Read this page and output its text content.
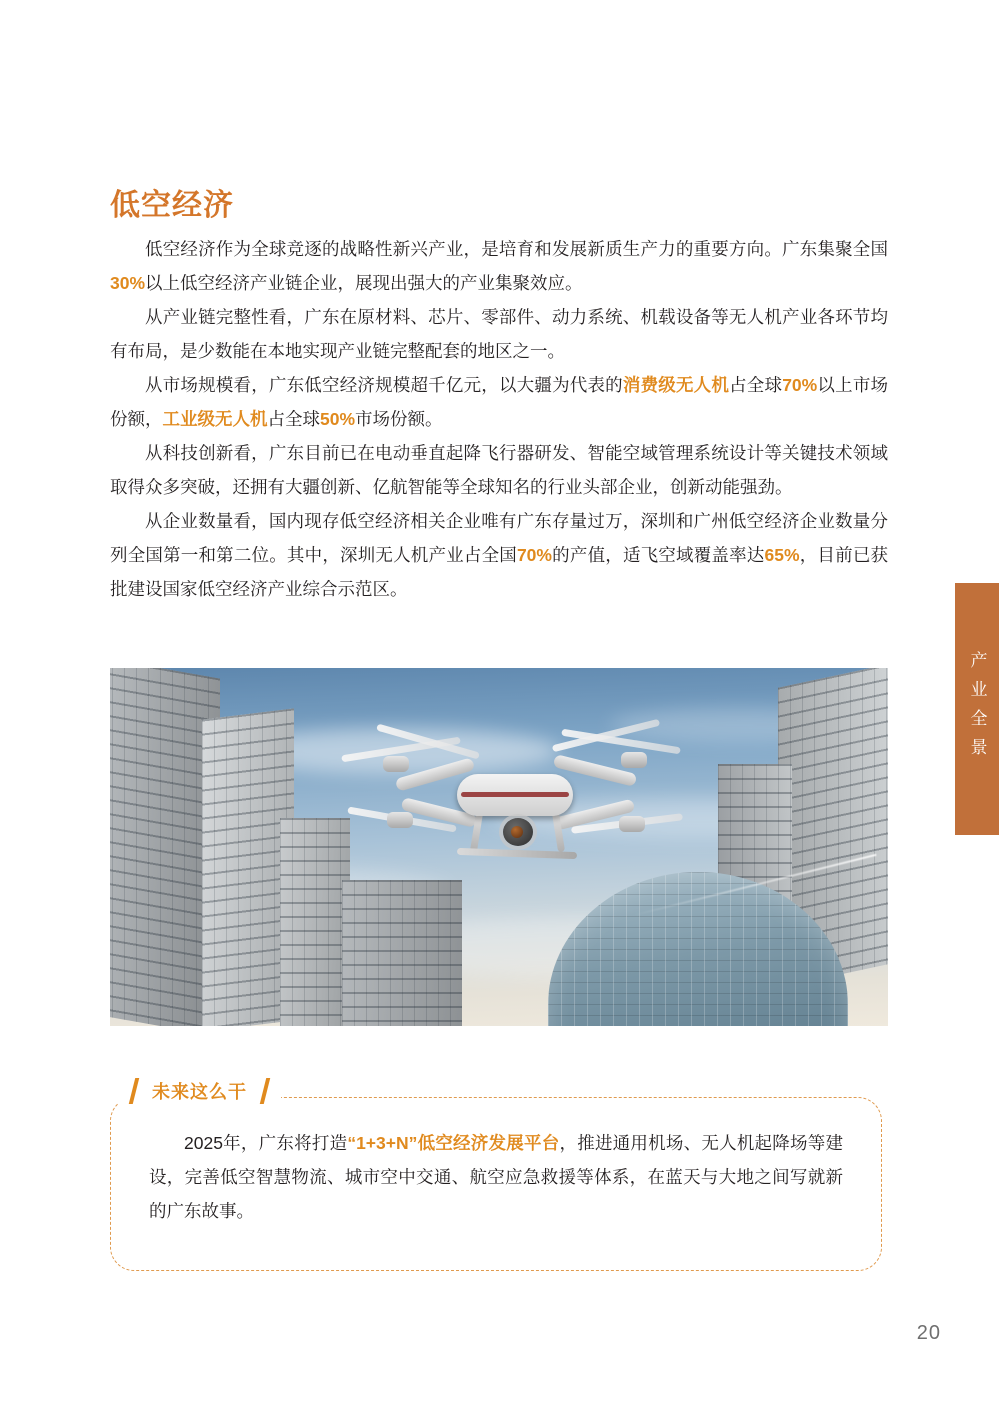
产业全景
低空经济

低空经济作为全球竞逐的战略性新兴产业，是培育和发展新质生产力的重要方向。广东集聚全国30%以上低空经济产业链企业，展现出强大的产业集聚效应。

从产业链完整性看，广东在原材料、芯片、零部件、动力系统、机载设备等无人机产业各环节均有布局，是少数能在本地实现产业链完整配套的地区之一。

从市场规模看，广东低空经济规模超千亿元，以大疆为代表的消费级无人机占全球70%以上市场份额，工业级无人机占全球50%市场份额。

从科技创新看，广东目前已在电动垂直起降飞行器研发、智能空域管理系统设计等关键技术领域取得众多突破，还拥有大疆创新、亿航智能等全球知名的行业头部企业，创新动能强劲。

从企业数量看，国内现存低空经济相关企业唯有广东存量过万，深圳和广州低空经济企业数量分列全国第一和第二位。其中，深圳无人机产业占全国70%的产值，适飞空域覆盖率达65%，目前已获批建设国家低空经济产业综合示范区。

2025年，广东将打造“1+3+N”低空经济发展平台，推进通用机场、无人机起降场等建设，完善低空智慧物流、城市空中交通、航空应急救援等体系，在蓝天与大地之间写就新的广东故事。
未来这么干
20
